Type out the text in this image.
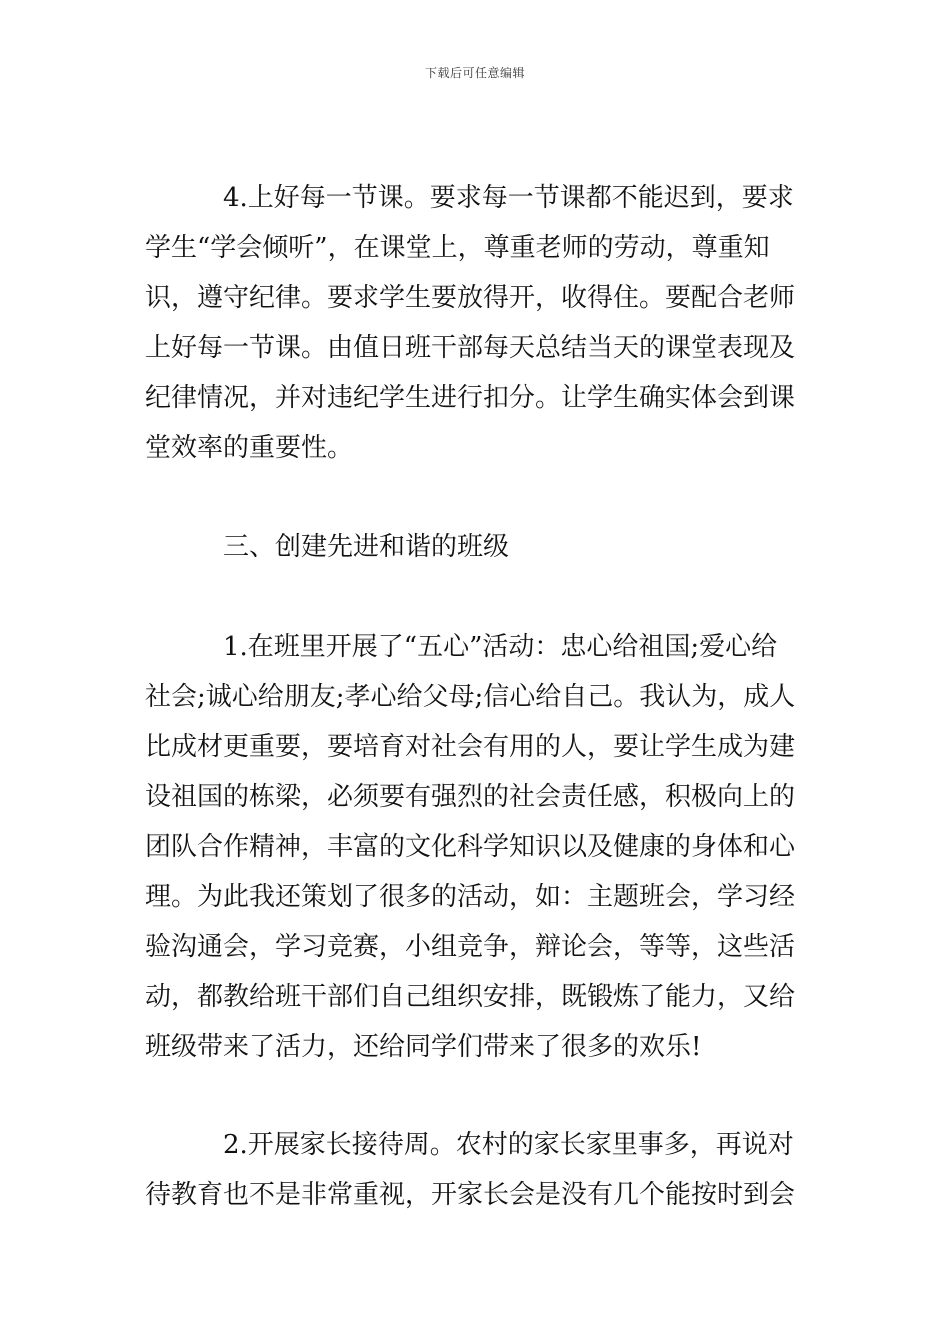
下载后可任意编辑
4.上好每一节课。要求每一节课都不能迟到，要求
学生“学会倾听”，在课堂上，尊重老师的劳动，尊重知
识，遵守纪律。要求学生要放得开，收得住。要配合老师
上好每一节课。由值日班干部每天总结当天的课堂表现及
纪律情况，并对违纪学生进行扣分。让学生确实体会到课
堂效率的重要性。
三、创建先进和谐的班级
1.在班里开展了“五心”活动：忠心给祖国;爱心给
社会;诚心给朋友;孝心给父母;信心给自己。我认为，成人
比成材更重要，要培育对社会有用的人，要让学生成为建
设祖国的栋梁，必须要有强烈的社会责任感，积极向上的
团队合作精神，丰富的文化科学知识以及健康的身体和心
理。为此我还策划了很多的活动，如：主题班会，学习经
验沟通会，学习竞赛，小组竞争，辩论会，等等，这些活
动，都教给班干部们自己组织安排，既锻炼了能力，又给
班级带来了活力，还给同学们带来了很多的欢乐!
2.开展家长接待周。农村的家长家里事多，再说对
待教育也不是非常重视，开家长会是没有几个能按时到会
